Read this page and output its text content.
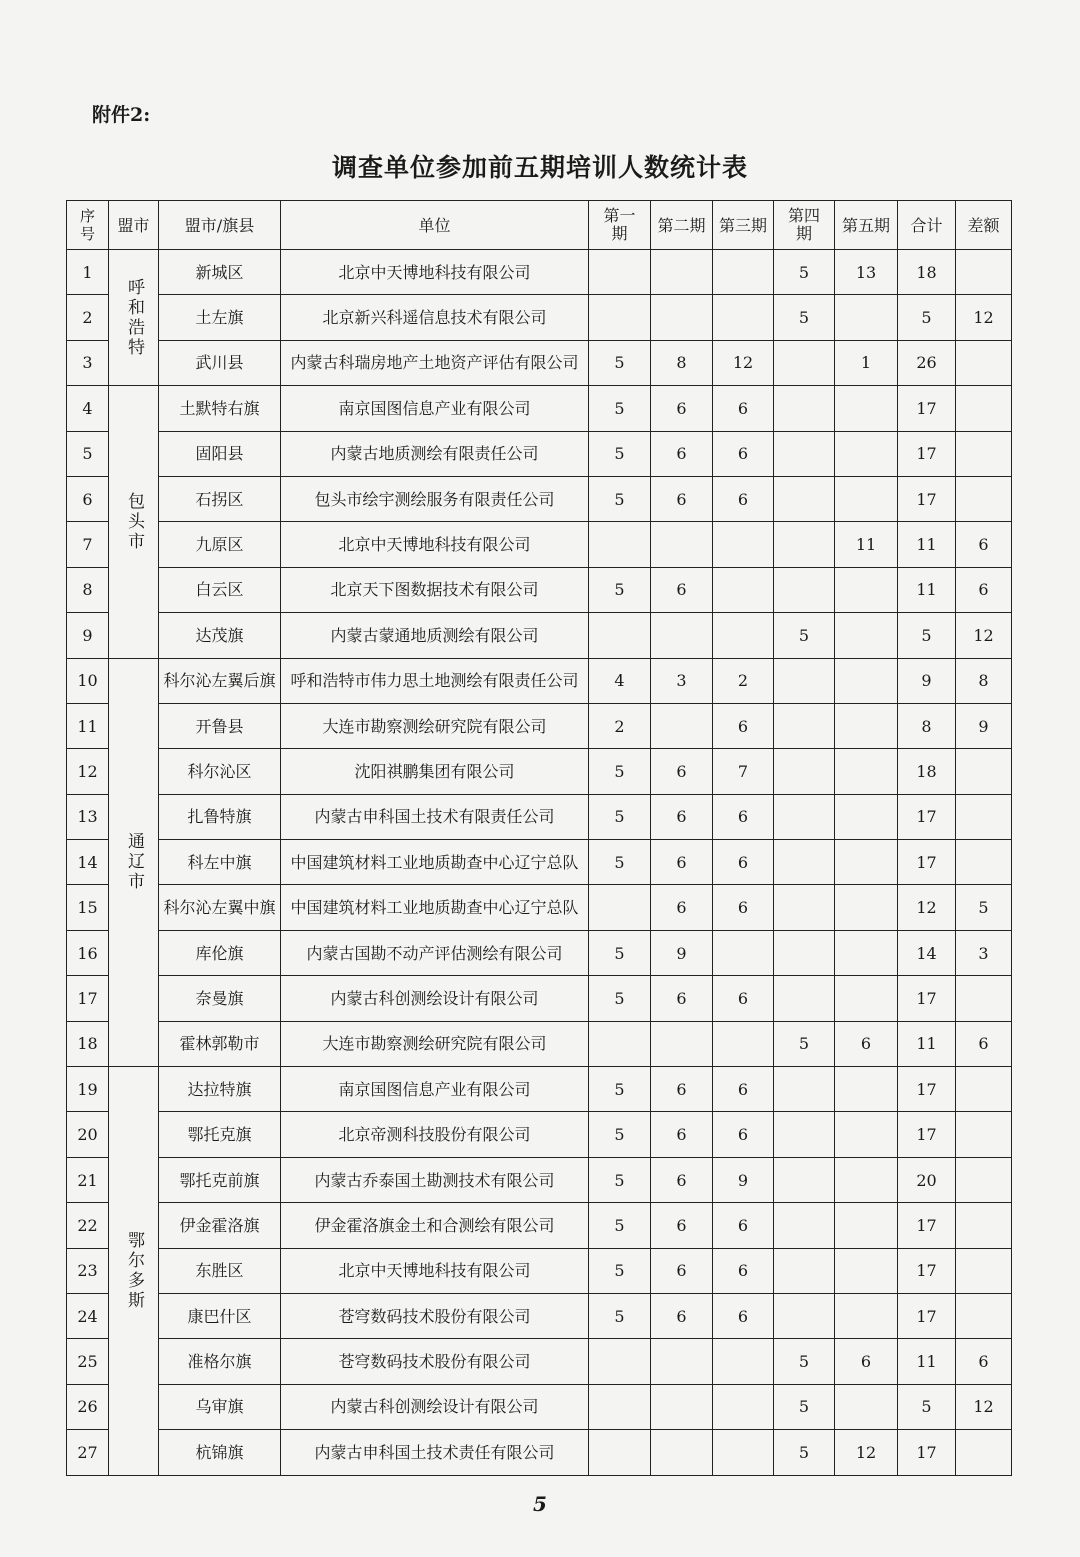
附件2:
调查单位参加前五期培训人数统计表
序号	盟市	盟市/旗县	单位	第一期	第二期	第三期	第四期	第五期	合计	差额
1	呼和浩特	新城区	北京中天博地科技有限公司				5	13	18	
2		土左旗	北京新兴科遥信息技术有限公司				5		5	12
3		武川县	内蒙古科瑞房地产土地资产评估有限公司	5	8	12		1	26	
4	包头市	土默特右旗	南京国图信息产业有限公司	5	6	6			17	
5		固阳县	内蒙古地质测绘有限责任公司	5	6	6			17	
6		石拐区	包头市绘宇测绘服务有限责任公司	5	6	6			17	
7		九原区	北京中天博地科技有限公司					11	11	6
8		白云区	北京天下图数据技术有限公司	5	6				11	6
9		达茂旗	内蒙古蒙通地质测绘有限公司				5		5	12
10	通辽市	科尔沁左翼后旗	呼和浩特市伟力思土地测绘有限责任公司	4	3	2			9	8
11		开鲁县	大连市勘察测绘研究院有限公司	2		6			8	9
12		科尔沁区	沈阳祺鹏集团有限公司	5	6	7			18	
13		扎鲁特旗	内蒙古申科国土技术有限责任公司	5	6	6			17	
14		科左中旗	中国建筑材料工业地质勘查中心辽宁总队	5	6	6			17	
15		科尔沁左翼中旗	中国建筑材料工业地质勘查中心辽宁总队		6	6			12	5
16		库伦旗	内蒙古国勘不动产评估测绘有限公司	5	9				14	3
17		奈曼旗	内蒙古科创测绘设计有限公司	5	6	6			17	
18		霍林郭勒市	大连市勘察测绘研究院有限公司				5	6	11	6
19	鄂尔多斯	达拉特旗	南京国图信息产业有限公司	5	6	6			17	
20		鄂托克旗	北京帝测科技股份有限公司	5	6	6			17	
21		鄂托克前旗	内蒙古乔泰国土勘测技术有限公司	5	6	9			20	
22		伊金霍洛旗	伊金霍洛旗金土和合测绘有限公司	5	6	6			17	
23		东胜区	北京中天博地科技有限公司	5	6	6			17	
24		康巴什区	苍穹数码技术股份有限公司	5	6	6			17	
25		准格尔旗	苍穹数码技术股份有限公司				5	6	11	6
26		乌审旗	内蒙古科创测绘设计有限公司				5		5	12
27		杭锦旗	内蒙古申科国土技术责任有限公司				5	12	17	
5
